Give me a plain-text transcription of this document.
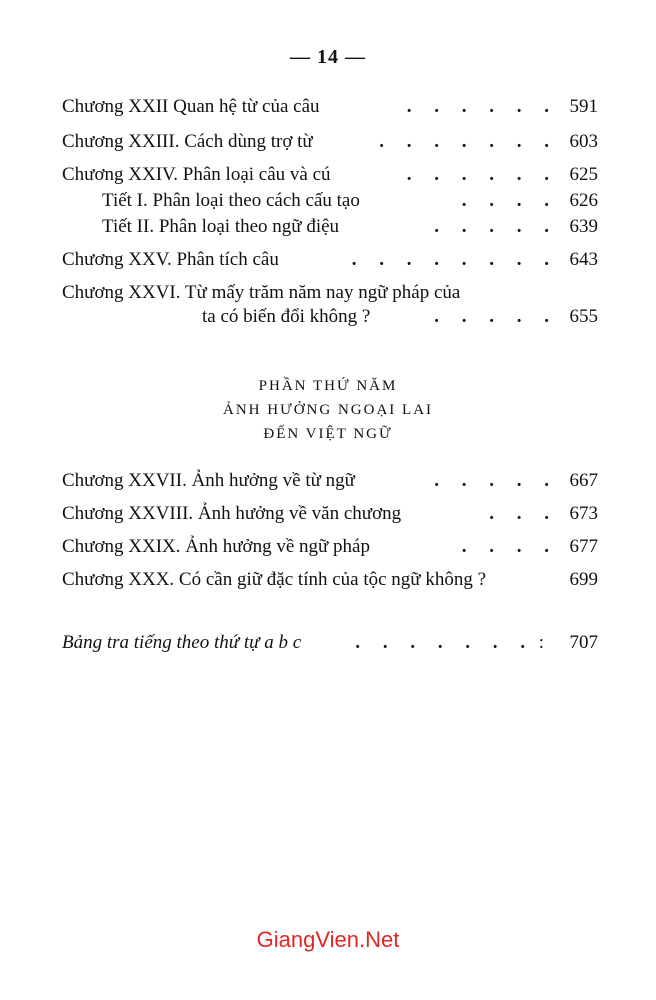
— 14 —
Chương XXII Quan hệ từ của câu	. . . . . . 591
Chương XXIII. Cách dùng trợ từ	. . . . . . . 603
Chương XXIV. Phân loại câu và cú	. . . . . . 625
Tiết I. Phân loại theo cách cấu tạo	. . . . 626
Tiết II. Phân loại theo ngữ điệu	. . . . . 639
Chương XXV. Phân tích câu	. . . . . . . . 643
Chương XXVI. Từ mấy trăm năm nay ngữ pháp của
ta có biến đổi không ?	. . . . . 655
PHẦN THỨ NĂM
ẢNH HƯỞNG NGOẠI LAI
ĐẾN VIỆT NGỮ
Chương XXVII. Ảnh hưởng về từ ngữ	. . . . . 667
Chương XXVIII. Ảnh hưởng về văn chương	. . . 673
Chương XXIX. Ảnh hưởng về ngữ pháp	. . . . 677
Chương XXX. Có cần giữ đặc tính của tộc ngữ không ?	699
Bảng tra tiếng theo thứ tự a b c	. . . . . . . :	707
GiangVien.Net
